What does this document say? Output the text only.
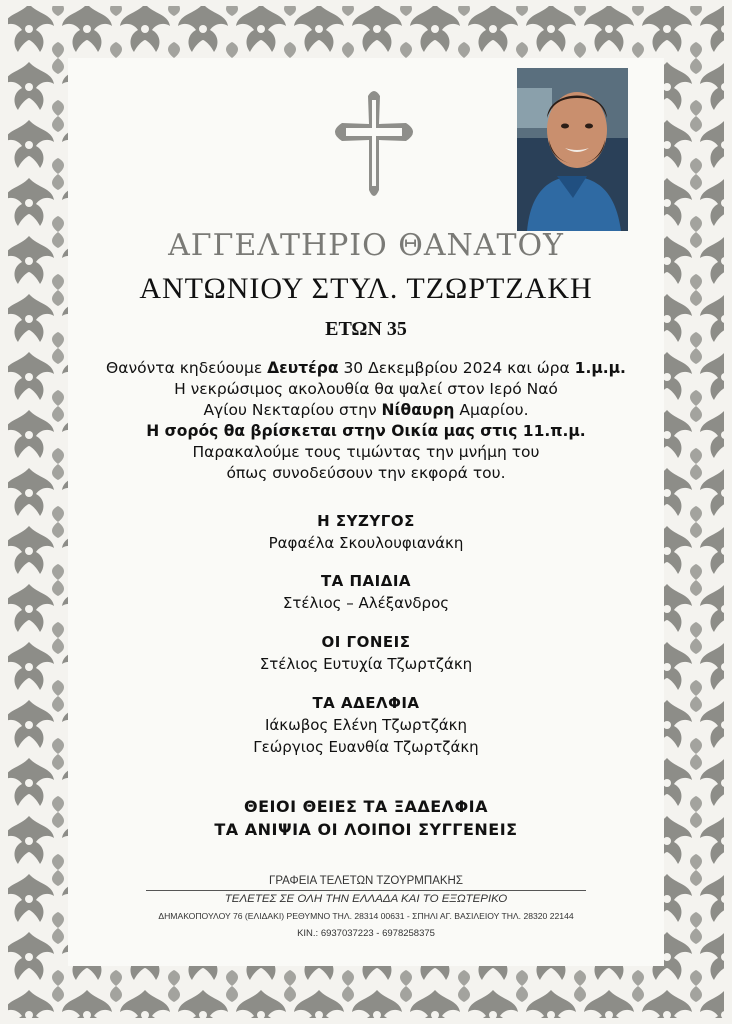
ΑΓΓΕΛΤΗΡΙΟ ΘΑΝΑΤΟΥ
ΑΝΤΩΝΙΟΥ ΣΤΥΛ. ΤΖΩΡΤΖΑΚΗ
ΕΤΩΝ 35
Θανόντα κηδεύουμε Δευτέρα 30 Δεκεμβρίου 2024 και ώρα 1.μ.μ.
Η νεκρώσιμος ακολουθία θα ψαλεί στον Ιερό Ναό
Αγίου Νεκταρίου στην Νίθαυρη Αμαρίου.
Η σορός θα βρίσκεται στην Οικία μας στις 11.π.μ.
Παρακαλούμε τους τιμώντας την μνήμη του
όπως συνοδεύσουν την εκφορά του.
Η ΣΥΖΥΓΟΣ
Ραφαέλα Σκουλουφιανάκη
ΤΑ ΠΑΙΔΙΑ
Στέλιος – Αλέξανδρος
ΟΙ ΓΟΝΕΙΣ
Στέλιος Ευτυχία Τζωρτζάκη
ΤΑ ΑΔΕΛΦΙΑ
Ιάκωβος Ελένη Τζωρτζάκη
Γεώργιος Ευανθία Τζωρτζάκη
ΘΕΙΟΙ ΘΕΙΕΣ ΤΑ ΞΑΔΕΛΦΙΑ
ΤΑ ΑΝΙΨΙΑ ΟΙ ΛΟΙΠΟΙ ΣΥΓΓΕΝΕΙΣ
ΓΡΑΦΕΙΑ ΤΕΛΕΤΩΝ ΤΖΟΥΡΜΠΑΚΗΣ
ΤΕΛΕΤΕΣ ΣΕ ΟΛΗ ΤΗΝ ΕΛΛΑΔΑ ΚΑΙ ΤΟ ΕΞΩΤΕΡΙΚΟ
ΔΗΜΑΚΟΠΟΥΛΟΥ 76 (ΕΛΙΔΑΚΙ) ΡΕΘΥΜΝΟ ΤΗΛ. 28314 00631 - ΣΠΗΛΙ ΑΓ. ΒΑΣΙΛΕΙΟΥ ΤΗΛ. 28320 22144
ΚΙΝ.: 6937037223 - 6978258375
